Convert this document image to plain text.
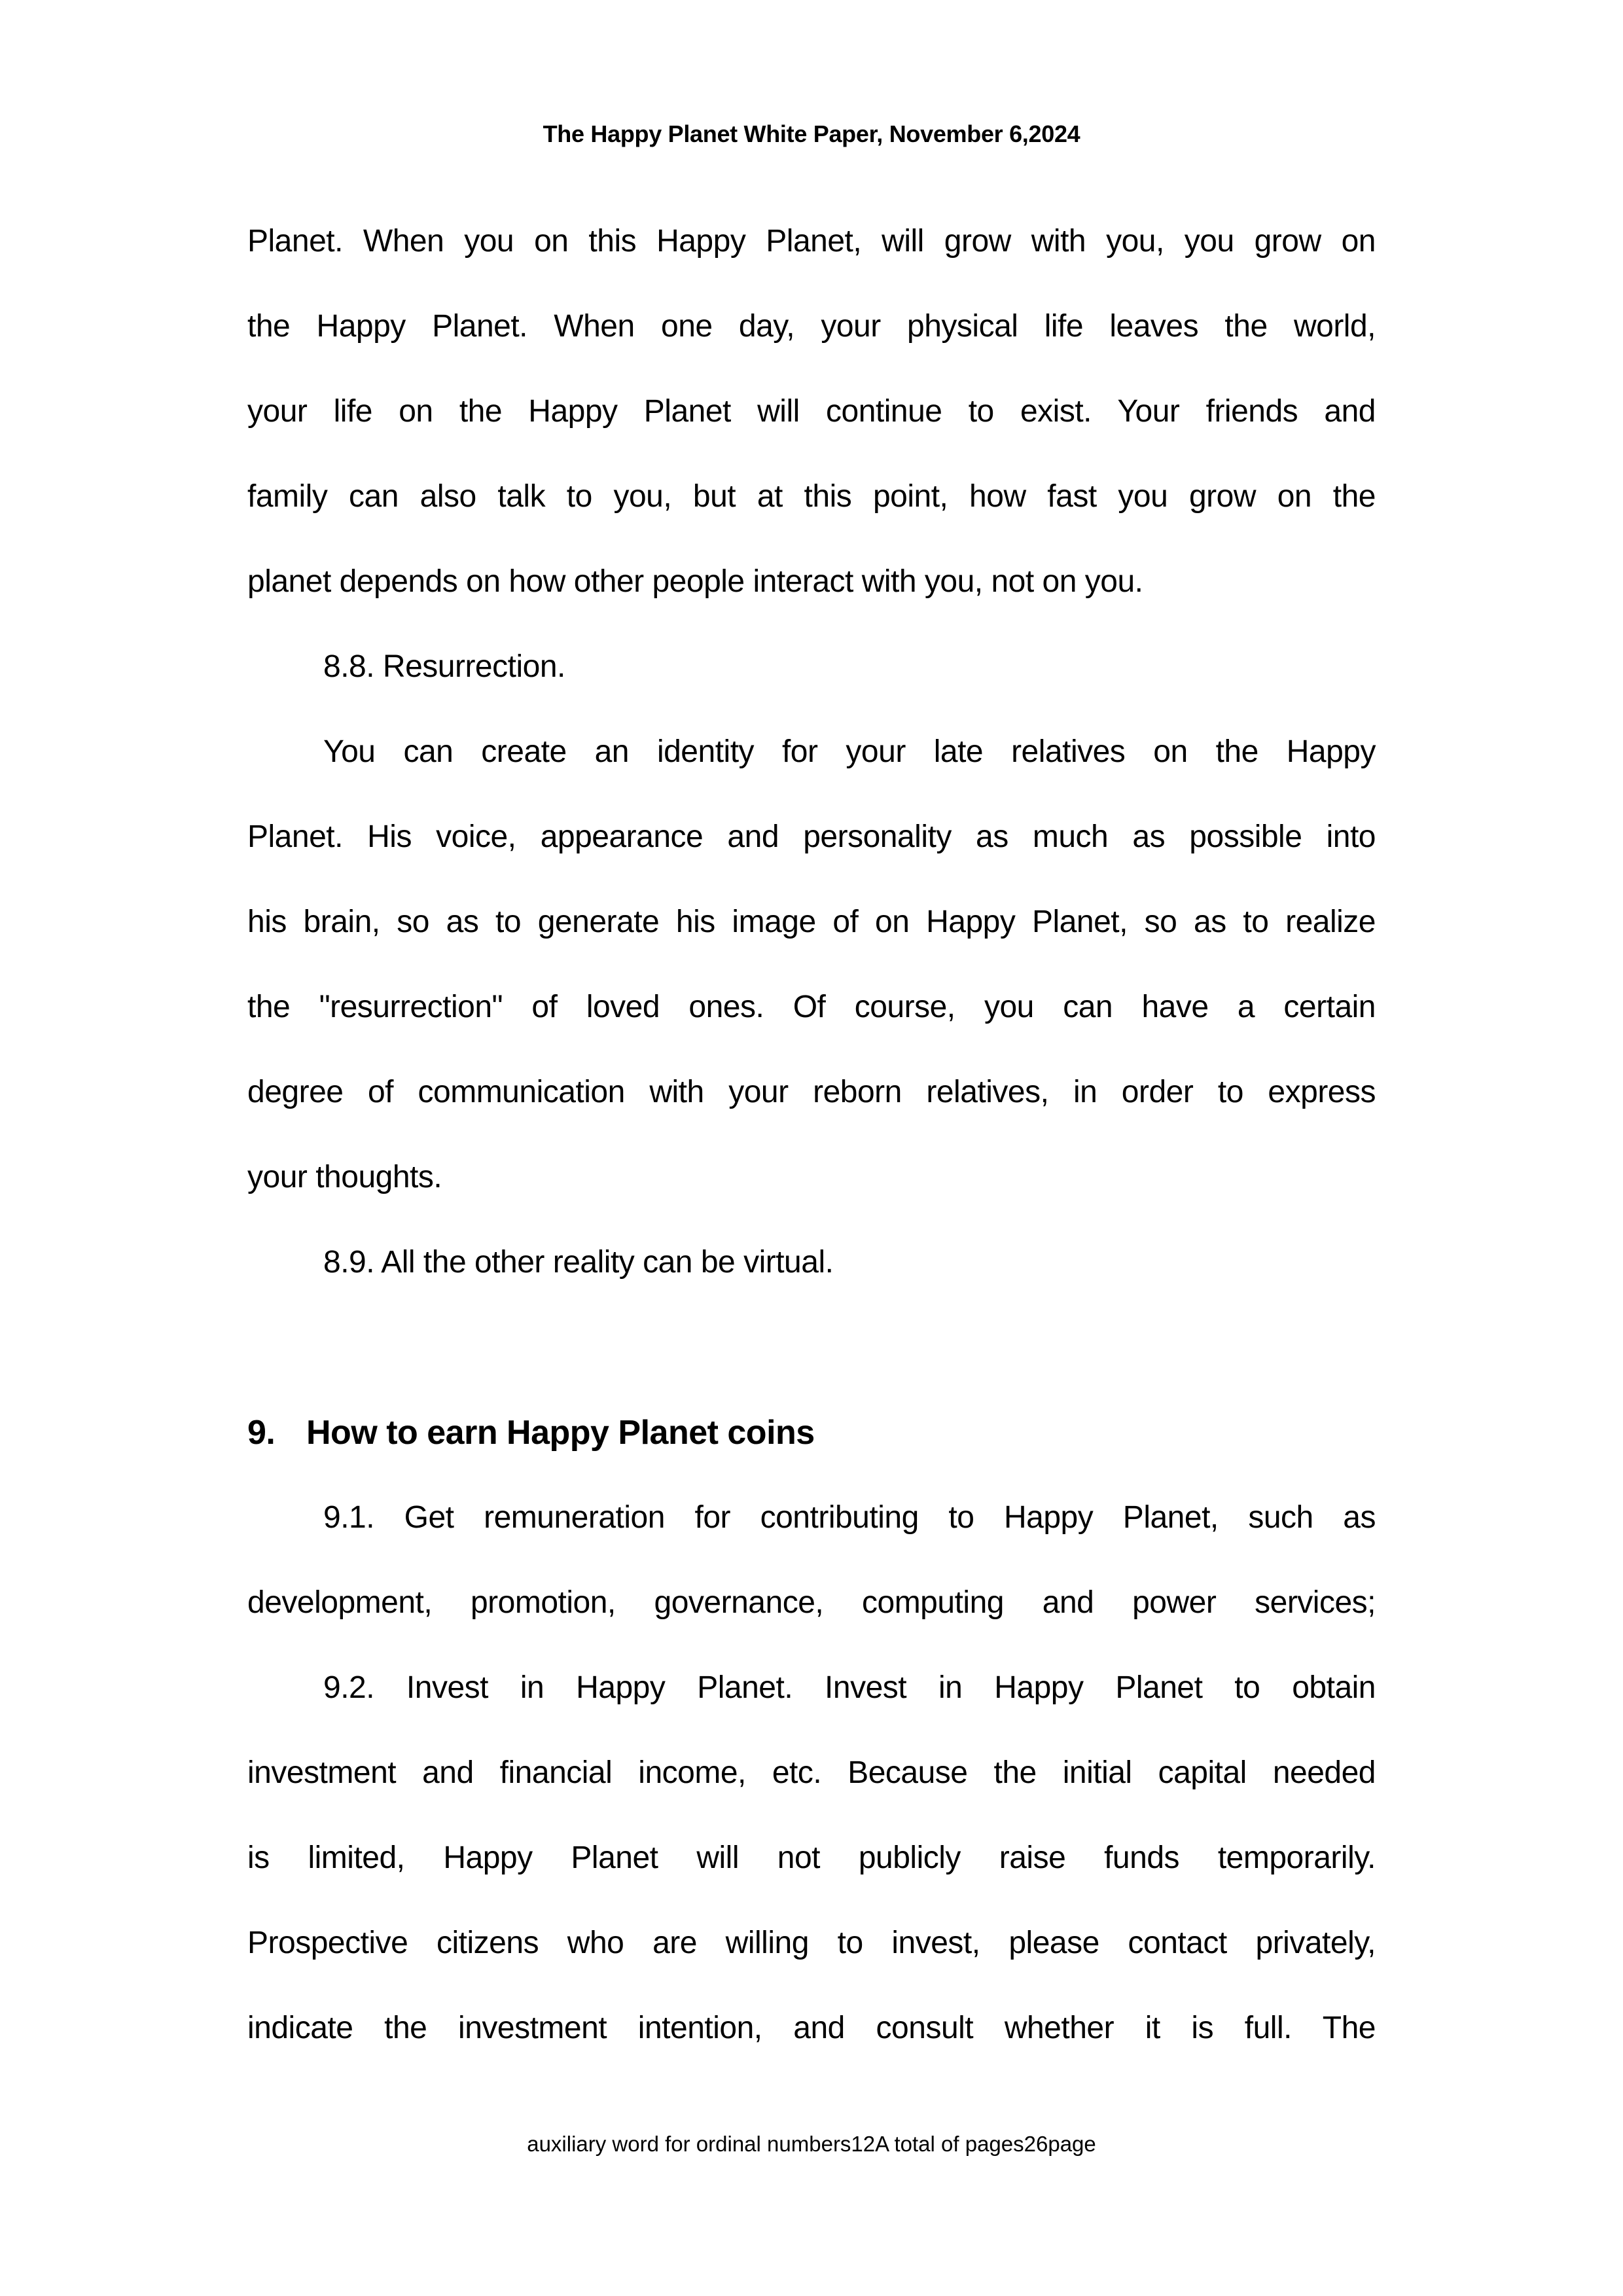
The Happy Planet White Paper, November 6,2024
Planet. When you on this Happy Planet, will grow with you, you grow on
the Happy Planet. When one day, your physical life leaves the world,
your life on the Happy Planet will continue to exist. Your friends and
family can also talk to you, but at this point, how fast you grow on the
planet depends on how other people interact with you, not on you.
8.8. Resurrection.
You can create an identity for your late relatives on the Happy
Planet. His voice, appearance and personality as much as possible into
his brain, so as to generate his image of on Happy Planet, so as to realize
the "resurrection" of loved ones. Of course, you can have a certain
degree of communication with your reborn relatives, in order to express
your thoughts.
8.9. All the other reality can be virtual.
9. How to earn Happy Planet coins
9.1. Get remuneration for contributing to Happy Planet, such as
development, promotion, governance, computing and power services;
9.2. Invest in Happy Planet. Invest in Happy Planet to obtain
investment and financial income, etc. Because the initial capital needed
is limited, Happy Planet will not publicly raise funds temporarily.
Prospective citizens who are willing to invest, please contact privately,
indicate the investment intention, and consult whether it is full. The
auxiliary word for ordinal numbers12A total of pages26page
